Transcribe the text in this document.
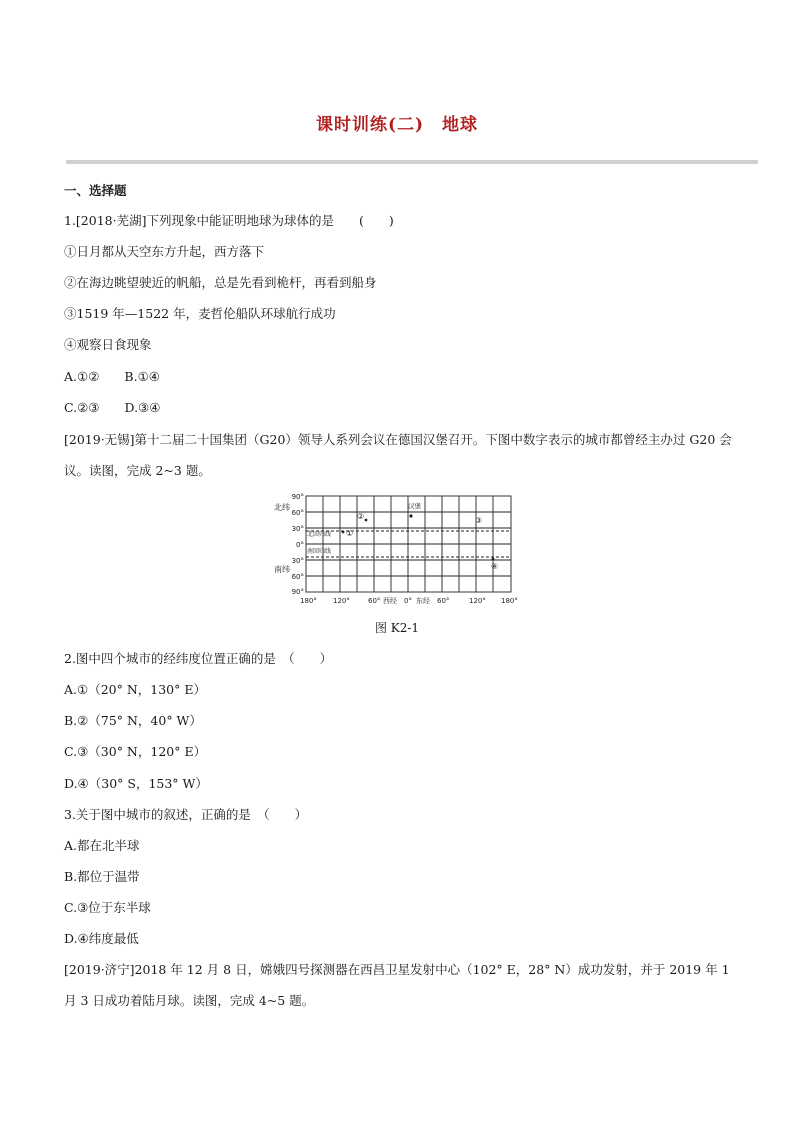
课时训练(二)　地球
一、选择题
1.[2018·芜湖]下列现象中能证明地球为球体的是　　(　　)
①日月都从天空东方升起，西方落下
②在海边眺望驶近的帆船，总是先看到桅杆，再看到船身
③1519 年—1522 年，麦哲伦船队环球航行成功
④观察日食现象
A.①②　　B.①④
C.②③　　D.③④
[2019·无锡]第十二届二十国集团（G20）领导人系列会议在德国汉堡召开。下图中数字表示的城市都曾经主办过 G20 会议。读图，完成 2~3 题。
90°
60°
30°
0°
30°
60°
90°
北纬
南纬
180° 120°	60° 西经 0° 东经 60°	120° 180°
北回归线
南回归线
汉堡
①
②	③
④
图 K2-1
2.图中四个城市的经纬度位置正确的是　（　　）
A.①（20° N，130° E）
B.②（75° N，40° W）
C.③（30° N，120° E）
D.④（30° S，153° W）
3.关于图中城市的叙述，正确的是　（　　）
A.都在北半球
B.都位于温带
C.③位于东半球
D.④纬度最低
[2019·济宁]2018 年 12 月 8 日，嫦娥四号探测器在西昌卫星发射中心（102° E，28° N）成功发射，并于 2019 年 1 月 3 日成功着陆月球。读图，完成 4~5 题。
